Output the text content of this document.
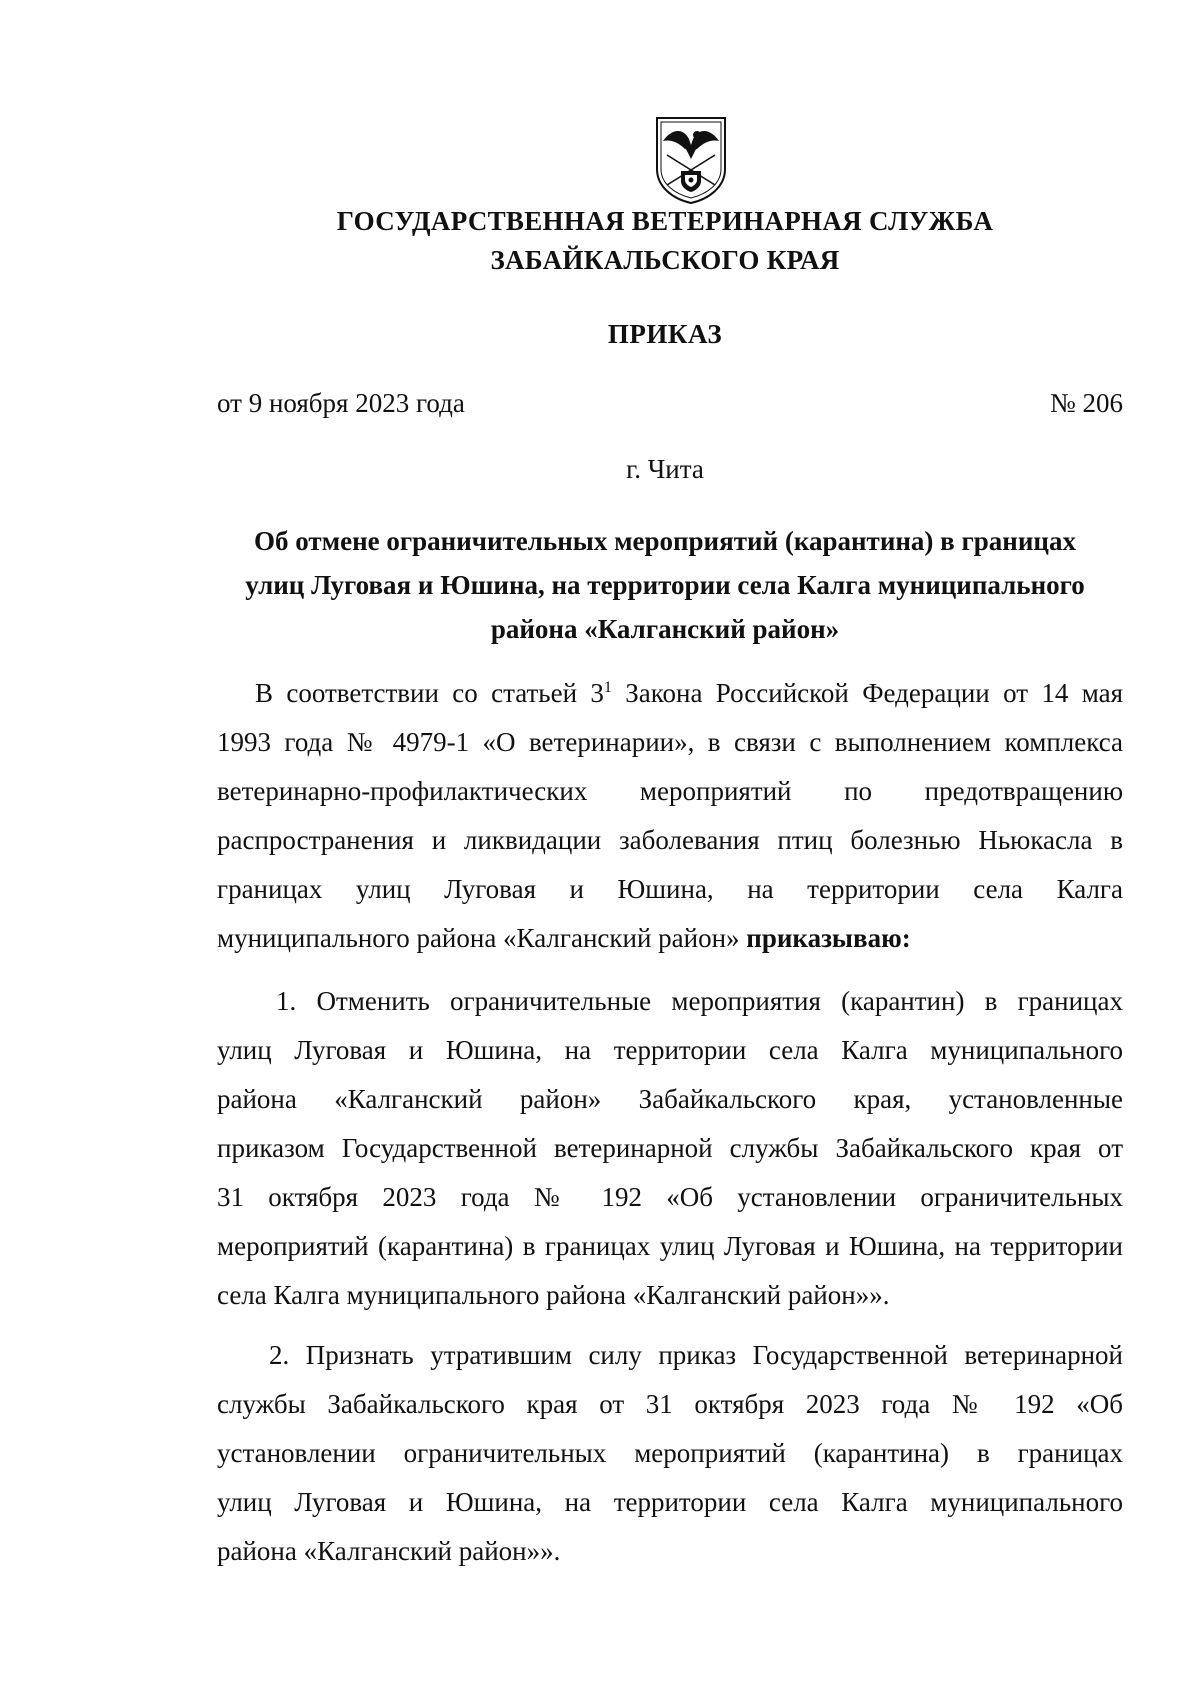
ГОСУДАРСТВЕННАЯ ВЕТЕРИНАРНАЯ СЛУЖБА
ЗАБАЙКАЛЬСКОГО КРАЯ
ПРИКАЗ
от 9 ноября 2023 года	№ 206
г. Чита
Об отмене ограничительных мероприятий (карантина) в границах
улиц Луговая и Юшина, на территории села Калга муниципального
района «Калганский район»
В соответствии со статьей $3^1$ Закона Российской Федерации от 14 мая
1993 года № 4979-1 «О ветеринарии», в связи с выполнением комплекса
ветеринарно-профилактических мероприятий по предотвращению
распространения и ликвидации заболевания птиц болезнью Ньюкасла в
границах улиц Луговая и Юшина, на территории села Калга
муниципального района «Калганский район» приказываю:
1. Отменить ограничительные мероприятия (карантин) в границах
улиц Луговая и Юшина, на территории села Калга муниципального
района «Калганский район» Забайкальского края, установленные
приказом Государственной ветеринарной службы Забайкальского края от
31 октября 2023 года № 192 «Об установлении ограничительных
мероприятий (карантина) в границах улиц Луговая и Юшина, на территории
села Калга муниципального района «Калганский район»».
2. Признать утратившим силу приказ Государственной ветеринарной
службы Забайкальского края от 31 октября 2023 года № 192 «Об
установлении ограничительных мероприятий (карантина) в границах
улиц Луговая и Юшина, на территории села Калга муниципального
района «Калганский район»».
